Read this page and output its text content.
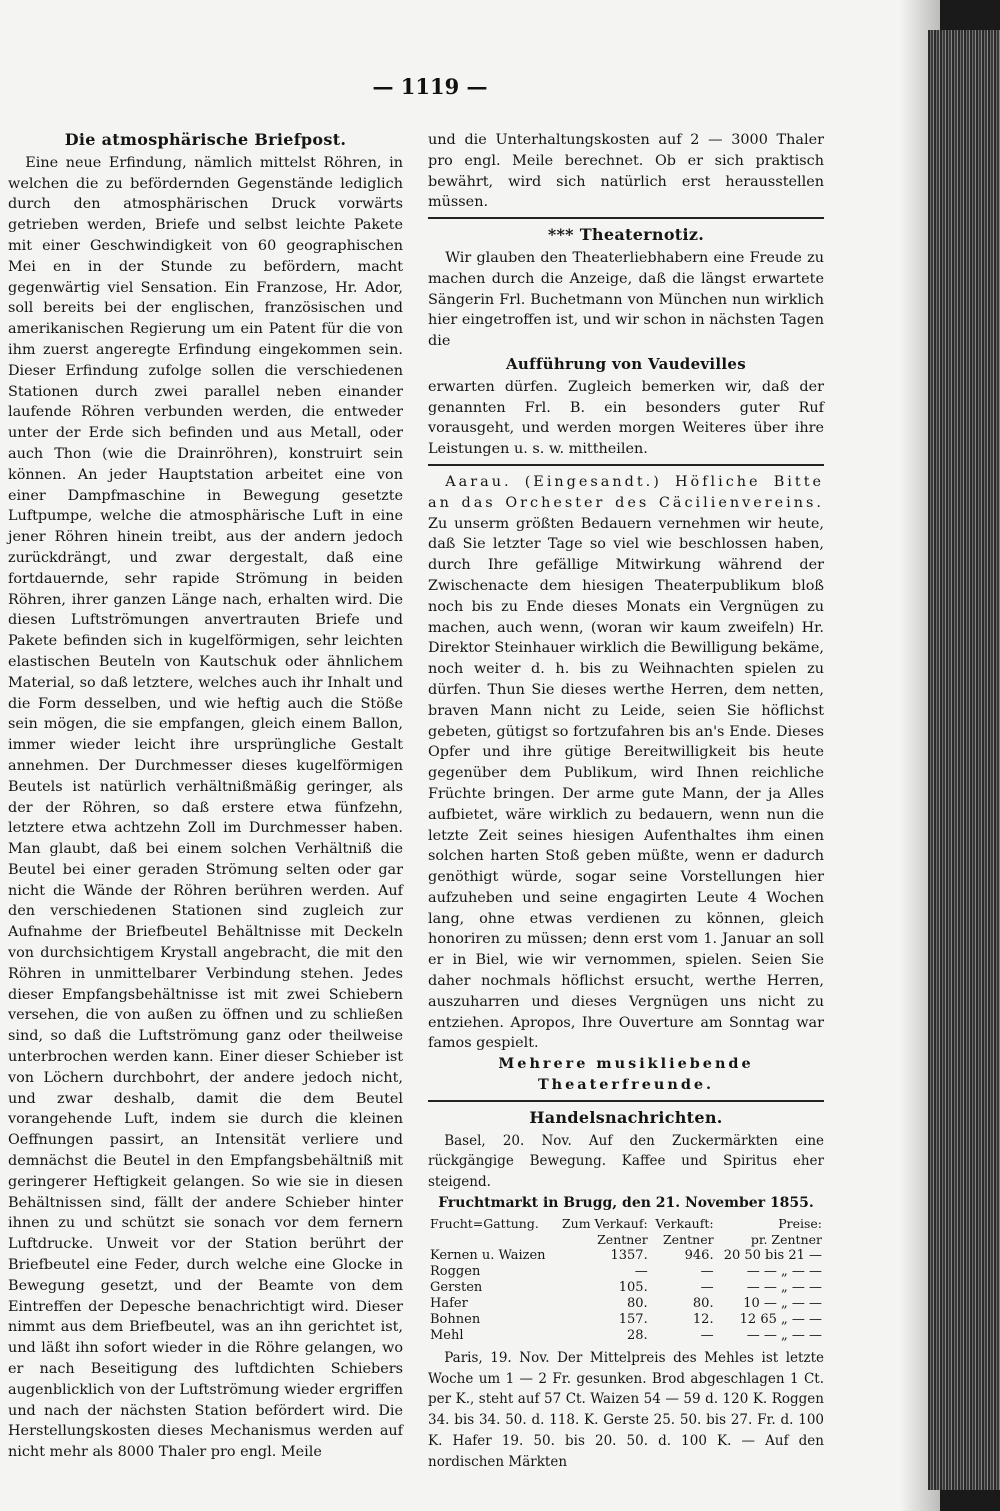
— 1119 —
Die atmosphärische Briefpost.

Eine neue Erfindung, nämlich mittelst Röhren, in welchen die zu befördernden Gegenstände lediglich durch den atmosphärischen Druck vorwärts getrieben werden, Briefe und selbst leichte Pakete mit einer Geschwindigkeit von 60 geographischen Mei en in der Stunde zu befördern, macht gegenwärtig viel Sensation. Ein Franzose, Hr. Ador, soll bereits bei der englischen, französischen und amerikanischen Regierung um ein Patent für die von ihm zuerst angeregte Erfindung eingekommen sein. Dieser Erfindung zufolge sollen die verschiedenen Stationen durch zwei parallel neben einander laufende Röhren verbunden werden, die entweder unter der Erde sich befinden und aus Metall, oder auch Thon (wie die Drainröhren), konstruirt sein können. An jeder Hauptstation arbeitet eine von einer Dampfmaschine in Bewegung gesetzte Luftpumpe, welche die atmosphärische Luft in eine jener Röhren hinein treibt, aus der andern jedoch zurückdrängt, und zwar dergestalt, daß eine fortdauernde, sehr rapide Strömung in beiden Röhren, ihrer ganzen Länge nach, erhalten wird. Die diesen Luftströmungen anvertrauten Briefe und Pakete befinden sich in kugelförmigen, sehr leichten elastischen Beuteln von Kautschuk oder ähnlichem Material, so daß letztere, welches auch ihr Inhalt und die Form desselben, und wie heftig auch die Stöße sein mögen, die sie empfangen, gleich einem Ballon, immer wieder leicht ihre ursprüngliche Gestalt annehmen. Der Durchmesser dieses kugelförmigen Beutels ist natürlich verhältnißmäßig geringer, als der der Röhren, so daß erstere etwa fünfzehn, letztere etwa achtzehn Zoll im Durchmesser haben. Man glaubt, daß bei einem solchen Verhältniß die Beutel bei einer geraden Strömung selten oder gar nicht die Wände der Röhren berühren werden. Auf den verschiedenen Stationen sind zugleich zur Aufnahme der Briefbeutel Behältnisse mit Deckeln von durchsichtigem Krystall angebracht, die mit den Röhren in unmittelbarer Verbindung stehen. Jedes dieser Empfangsbehältnisse ist mit zwei Schiebern versehen, die von außen zu öffnen und zu schließen sind, so daß die Luftströmung ganz oder theilweise unterbrochen werden kann. Einer dieser Schieber ist von Löchern durchbohrt, der andere jedoch nicht, und zwar deshalb, damit die dem Beutel vorangehende Luft, indem sie durch die kleinen Oeffnungen passirt, an Intensität verliere und demnächst die Beutel in den Empfangsbehältniß mit geringerer Heftigkeit gelangen. So wie sie in diesen Behältnissen sind, fällt der andere Schieber hinter ihnen zu und schützt sie sonach vor dem fernern Luftdrucke. Unweit vor der Station berührt der Briefbeutel eine Feder, durch welche eine Glocke in Bewegung gesetzt, und der Beamte von dem Eintreffen der Depesche benachrichtigt wird. Dieser nimmt aus dem Briefbeutel, was an ihn gerichtet ist, und läßt ihn sofort wieder in die Röhre gelangen, wo er nach Beseitigung des luftdichten Schiebers augenblicklich von der Luftströmung wieder ergriffen und nach der nächsten Station befördert wird. Die Herstellungskosten dieses Mechanismus werden auf nicht mehr als 8000 Thaler pro engl. Meile

und die Unterhaltungskosten auf 2 — 3000 Thaler pro engl. Meile berechnet. Ob er sich praktisch bewährt, wird sich natürlich erst herausstellen müssen.

*** Theaternotiz.

Wir glauben den Theaterliebhabern eine Freude zu machen durch die Anzeige, daß die längst erwartete Sängerin Frl. Buchetmann von München nun wirklich hier eingetroffen ist, und wir schon in nächsten Tagen die

Aufführung von Vaudevilles

erwarten dürfen. Zugleich bemerken wir, daß der genannten Frl. B. ein besonders guter Ruf vorausgeht, und werden morgen Weiteres über ihre Leistungen u. s. w. mittheilen.

Aarau. (Eingesandt.) Höfliche Bitte an das Orchester des Cäcilienvereins. Zu unserm größten Bedauern vernehmen wir heute, daß Sie letzter Tage so viel wie beschlossen haben, durch Ihre gefällige Mitwirkung während der Zwischenacte dem hiesigen Theaterpublikum bloß noch bis zu Ende dieses Monats ein Vergnügen zu machen, auch wenn, (woran wir kaum zweifeln) Hr. Direktor Steinhauer wirklich die Bewilligung bekäme, noch weiter d. h. bis zu Weihnachten spielen zu dürfen. Thun Sie dieses werthe Herren, dem netten, braven Mann nicht zu Leide, seien Sie höflichst gebeten, gütigst so fortzufahren bis an's Ende. Dieses Opfer und ihre gütige Bereitwilligkeit bis heute gegenüber dem Publikum, wird Ihnen reichliche Früchte bringen. Der arme gute Mann, der ja Alles aufbietet, wäre wirklich zu bedauern, wenn nun die letzte Zeit seines hiesigen Aufenthaltes ihm einen solchen harten Stoß geben müßte, wenn er dadurch genöthigt würde, sogar seine Vorstellungen hier aufzuheben und seine engagirten Leute 4 Wochen lang, ohne etwas verdienen zu können, gleich honoriren zu müssen; denn erst vom 1. Januar an soll er in Biel, wie wir vernommen, spielen. Seien Sie daher nochmals höflichst ersucht, werthe Herren, auszuharren und dieses Vergnügen uns nicht zu entziehen. Apropos, Ihre Ouverture am Sonntag war famos gespielt.

Mehrere musikliebende
Theaterfreunde.
Handelsnachrichten.

Basel, 20. Nov. Auf den Zuckermärkten eine rückgängige Bewegung. Kaffee und Spiritus eher steigend.

Fruchtmarkt in Brugg, den 21. November 1855.
Frucht=Gattung.	Zum Verkauf:	Verkauft:	Preise:
	Zentner	Zentner	pr. Zentner
Kernen u. Waizen	1357.	946.	20 50 bis 21 —
Roggen	—	—	— — „ — —
Gersten	105.	—	— — „ — —
Hafer	80.	80.	10 — „ — —
Bohnen	157.	12.	12 65 „ — —
Mehl	28.	—	— — „ — —

Paris, 19. Nov. Der Mittelpreis des Mehles ist letzte Woche um 1 — 2 Fr. gesunken. Brod abgeschlagen 1 Ct. per K., steht auf 57 Ct. Waizen 54 — 59 d. 120 K. Roggen 34. bis 34. 50. d. 118. K. Gerste 25. 50. bis 27. Fr. d. 100 K. Hafer 19. 50. bis 20. 50. d. 100 K. — Auf den nordischen Märkten
